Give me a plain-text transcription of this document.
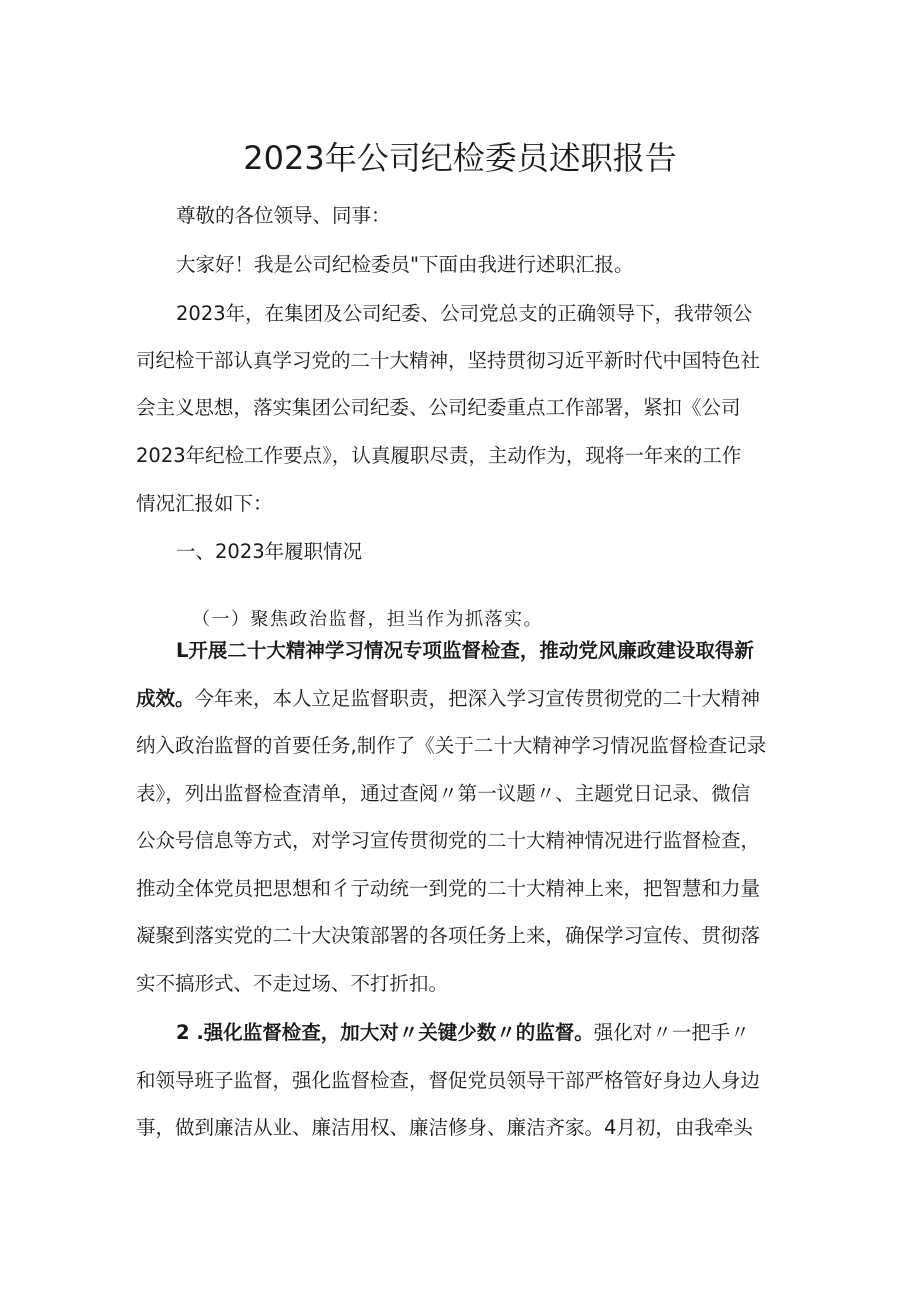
2023年公司纪检委员述职报告

尊敬的各位领导、同事：

大家好！我是公司纪检委员"下面由我进行述职汇报。

2023年，在集团及公司纪委、公司党总支的正确领导下，我带领公

司纪检干部认真学习党的二十大精神，坚持贯彻习近平新时代中国特色社

会主义思想，落实集团公司纪委、公司纪委重点工作部署，紧扣《公司

2023年纪检工作要点》，认真履职尽责，主动作为，现将一年来的工作

情况汇报如下：

一、2023年履职情况

（一）聚焦政治监督，担当作为抓落实。

L开展二十大精神学习情况专项监督检查，推动党风廉政建设取得新

成效。今年来，本人立足监督职责，把深入学习宣传贯彻党的二十大精神

纳入政治监督的首要任务,制作了《关于二十大精神学习情况监督检查记录

表》，列出监督检查清单，通过查阅〃第一议题〃、主题党日记录、微信

公众号信息等方式，对学习宣传贯彻党的二十大精神情况进行监督检查，

推动全体党员把思想和彳亍动统一到党的二十大精神上来，把智慧和力量

凝聚到落实党的二十大决策部署的各项任务上来，确保学习宣传、贯彻落

实不搞形式、不走过场、不打折扣。

2 .强化监督检查，加大对〃关键少数〃的监督。强化对〃一把手〃

和领导班子监督，强化监督检查，督促党员领导干部严格管好身边人身边

事，做到廉洁从业、廉洁用权、廉洁修身、廉洁齐家。4月初，由我牵头
